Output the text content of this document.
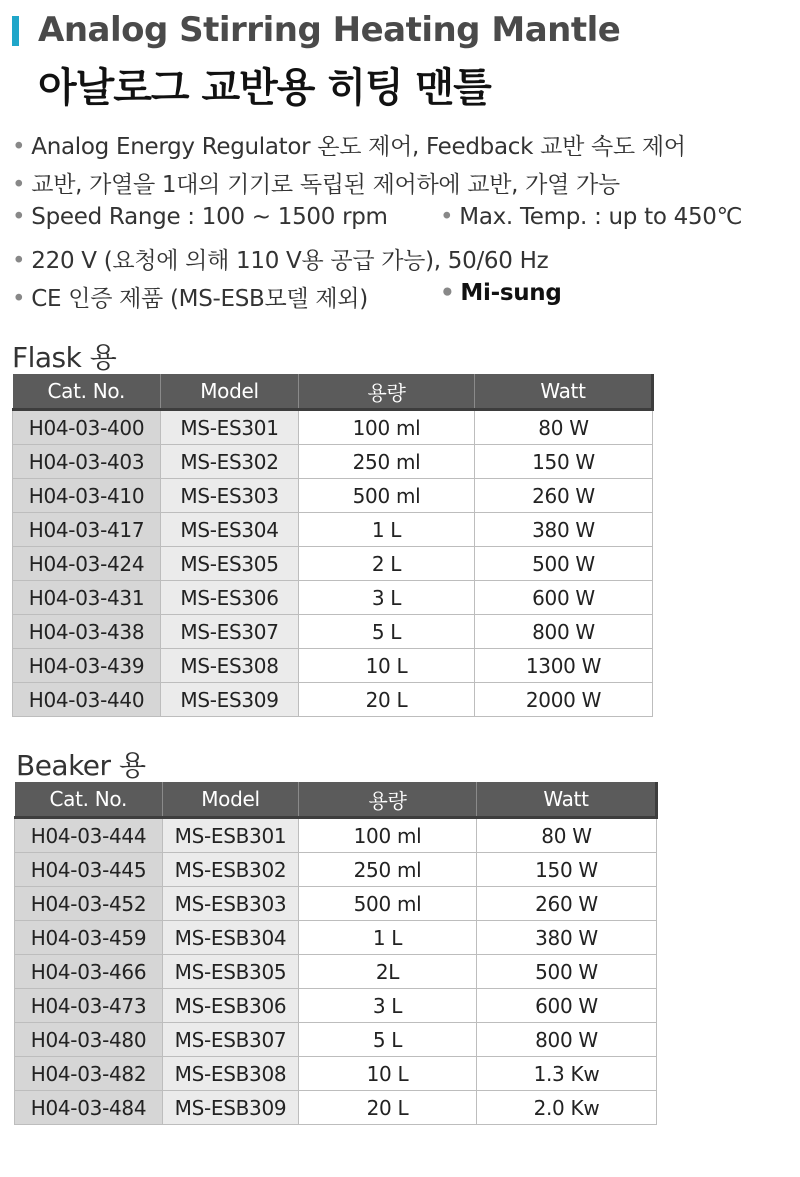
Analog Stirring Heating Mantle
아날로그 교반용 히팅 맨틀
• Analog Energy Regulator 온도 제어, Feedback 교반 속도 제어
• 교반, 가열을 1대의 기기로 독립된 제어하에 교반, 가열 가능
• Speed Range : 100 ~ 1500 rpm • Max. Temp. : up to 450℃
• 220 V (요청에 의해 110 V용 공급 가능), 50/60 Hz
• CE 인증 제품 (MS-ESB모델 제외)	• Mi-sung
Flask 용
Cat. No.	Model	용량	Watt
H04-03-400	MS-ES301	100 ml	80 W
H04-03-403	MS-ES302	250 ml	150 W
H04-03-410	MS-ES303	500 ml	260 W
H04-03-417	MS-ES304	1 L	380 W
H04-03-424	MS-ES305	2 L	500 W
H04-03-431	MS-ES306	3 L	600 W
H04-03-438	MS-ES307	5 L	800 W
H04-03-439	MS-ES308	10 L	1300 W
H04-03-440	MS-ES309	20 L	2000 W
Beaker 용
Cat. No.	Model	용량	Watt
H04-03-444	MS-ESB301	100 ml	80 W
H04-03-445	MS-ESB302	250 ml	150 W
H04-03-452	MS-ESB303	500 ml	260 W
H04-03-459	MS-ESB304	1 L	380 W
H04-03-466	MS-ESB305	2L	500 W
H04-03-473	MS-ESB306	3 L	600 W
H04-03-480	MS-ESB307	5 L	800 W
H04-03-482	MS-ESB308	10 L	1.3 Kw
H04-03-484	MS-ESB309	20 L	2.0 Kw
